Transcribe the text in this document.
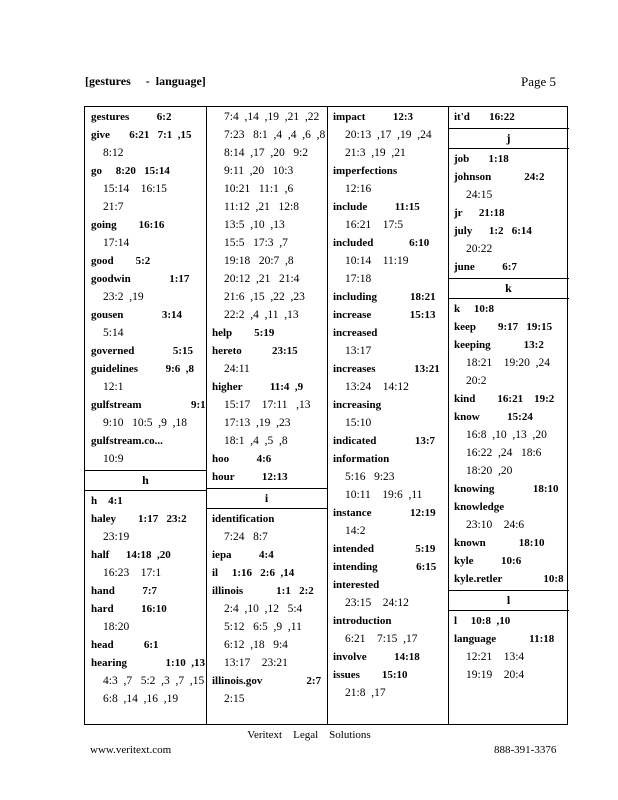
[gestures     -  language]	Page 5
gestures          6:2
give       6:21   7:1  ,15
8:12
go     8:20   15:14
15:14    16:15
21:7
going        16:16
17:14
good        5:2
goodwin              1:17
23:2  ,19
gousen              3:14
5:14
governed              5:15
guidelines          9:6  ,8
12:1
gulfstream                  9:1
9:10   10:5  ,9  ,18
gulfstream.co...
10:9
h
h    4:1
haley        1:17   23:2
23:19
half      14:18  ,20
16:23    17:1
hand          7:7
hard          16:10
18:20
head           6:1
hearing              1:10  ,13
4:3  ,7   5:2  ,3  ,7  ,15
6:8  ,14  ,16  ,19
7:4  ,14  ,19  ,21  ,22
7:23   8:1  ,4  ,4  ,6  ,8
8:14  ,17  ,20   9:2
9:11  ,20   10:3
10:21   11:1  ,6
11:12  ,21   12:8
13:5  ,10  ,13
15:5   17:3  ,7
19:18   20:7  ,8
20:12  ,21   21:4
21:6  ,15  ,22  ,23
22:2  ,4  ,11  ,13
help        5:19
hereto           23:15
24:11
higher          11:4  ,9
15:17    17:11   ,13
17:13  ,19  ,23
18:1  ,4  ,5  ,8
hoo          4:6
hour          12:13
i
identification
7:24   8:7
iepa          4:4
il     1:16   2:6  ,14
illinois            1:1   2:2
2:4  ,10  ,12   5:4
5:12   6:5  ,9  ,11
6:12  ,18   9:4
13:17    23:21
illinois.gov                2:7
2:15
impact          12:3
20:13  ,17  ,19  ,24
21:3  ,19  ,21
imperfections
12:16
include          11:15
16:21    17:5
included             6:10
10:14    11:19
17:18
including            18:21
increase              15:13
increased
13:17
increases              13:21
13:24    14:12
increasing
15:10
indicated              13:7
information
5:16   9:23
10:11    19:6  ,11
instance              12:19
14:2
intended               5:19
intending              6:15
interested
23:15    24:12
introduction
6:21    7:15  ,17
involve          14:18
issues        15:10
21:8  ,17
it'd       16:22
j
job       1:18
johnson            24:2
24:15
jr      21:18
july      1:2   6:14
20:22
june          6:7
k
k     10:8
keep        9:17   19:15
keeping            13:2
18:21    19:20  ,24
20:2
kind        16:21    19:2
know          15:24
16:8  ,10  ,13  ,20
16:22  ,24   18:6
18:20  ,20
knowing              18:10
knowledge
23:10    24:6
known            18:10
kyle          10:6
kyle.retler               10:8
l
l     10:8  ,10
language            11:18
12:21    13:4
19:19    20:4
Veritext    Legal    Solutions
www.veritext.com	888-391-3376
